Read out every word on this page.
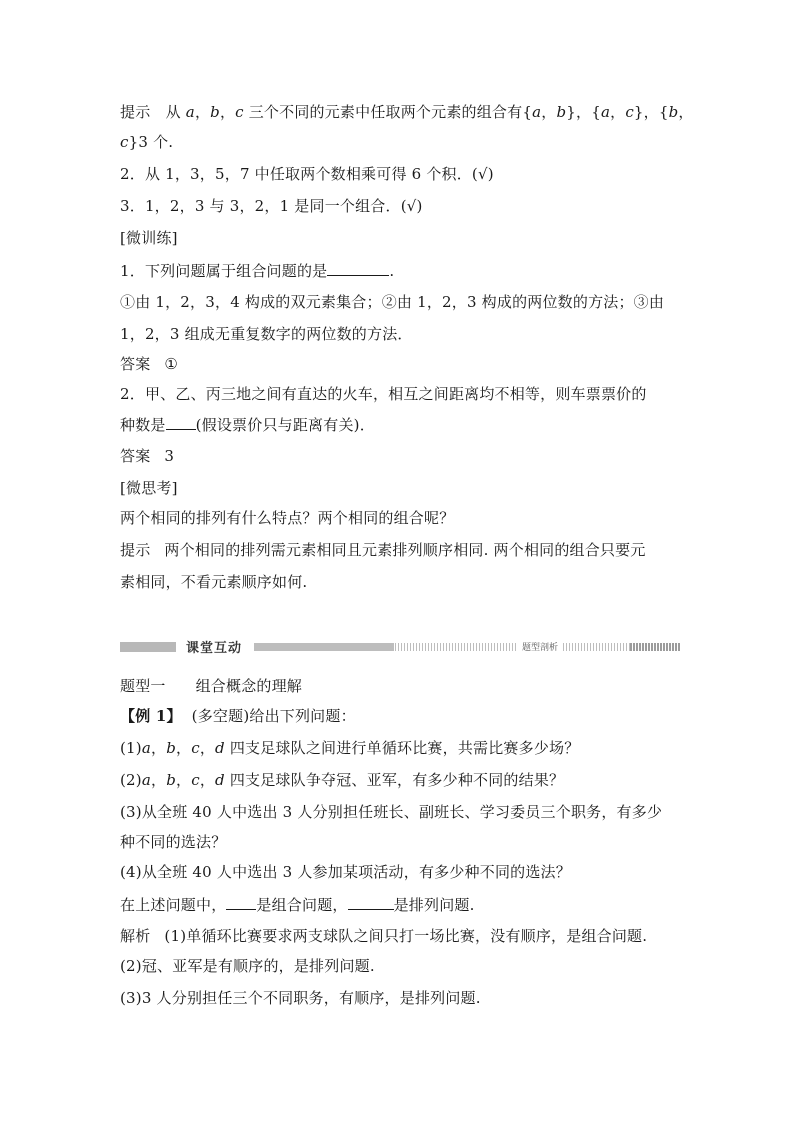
提示　从 a，b，c 三个不同的元素中任取两个元素的组合有{a，b}，{a，c}，{b，
c}3 个.
2．从 1，3，5，7 中任取两个数相乘可得 6 个积．(√)
3．1，2，3 与 3，2，1 是同一个组合．(√)
[微训练]
1．下列问题属于组合问题的是	.
①由 1，2，3，4 构成的双元素集合；②由 1，2，3 构成的两位数的方法；③由
1，2，3 组成无重复数字的两位数的方法．
答案 ①
2．甲、乙、丙三地之间有直达的火车，相互之间距离均不相等，则车票票价的
种数是 (假设票价只与距离有关)．
答案 3
[微思考]
两个相同的排列有什么特点？两个相同的组合呢？
提示 两个相同的排列需元素相同且元素排列顺序相同. 两个相同的组合只要元
素相同，不看元素顺序如何.
课堂互动	题型剖析
题型一 组合概念的理解
【例 1】 (多空题)给出下列问题：
(1)a，b，c，d 四支足球队之间进行单循环比赛，共需比赛多少场？
(2)a，b，c，d 四支足球队争夺冠、亚军，有多少种不同的结果？
(3)从全班 40 人中选出 3 人分别担任班长、副班长、学习委员三个职务，有多少
种不同的选法？
(4)从全班 40 人中选出 3 人参加某项活动，有多少种不同的选法？
在上述问题中， 是组合问题，	是排列问题.
解析 (1)单循环比赛要求两支球队之间只打一场比赛，没有顺序，是组合问题.
(2)冠、亚军是有顺序的，是排列问题.
(3)3 人分别担任三个不同职务，有顺序，是排列问题.
